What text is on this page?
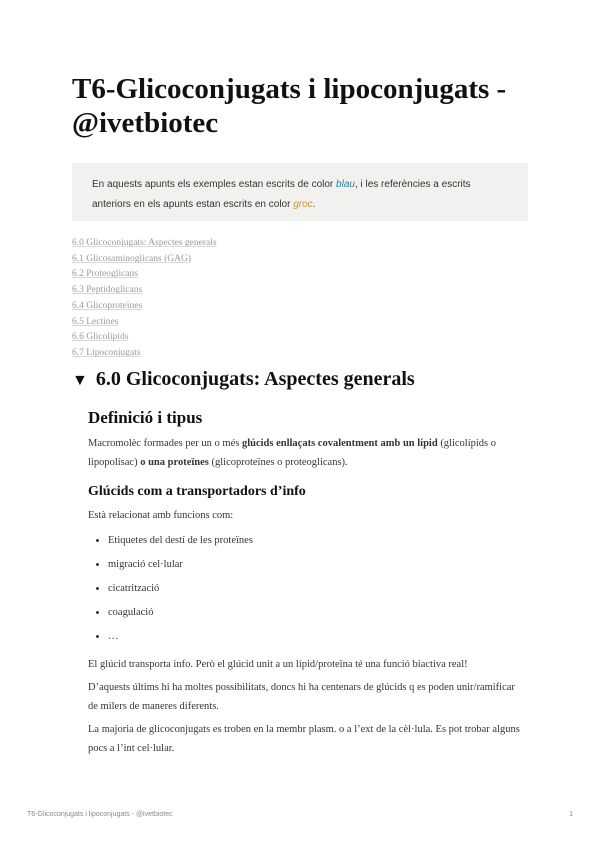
T6-Glicoconjugats i lipoconjugats - @ivetbiotec
En aquests apunts els exemples estan escrits de color blau, i les referències a escrits anteriors en els apunts estan escrits en color groc.
6.0 Glicoconjugats: Aspectes generals
6.1 Glicosaminoglicans (GAG)
6.2 Proteoglicans
6.3 Peptidoglicans
6.4 Glicoproteïnes
6.5 Lectines
6.6 Glicolípids
6.7 Lipoconjugats
▼ 6.0 Glicoconjugats: Aspectes generals
Definició i tipus

Macromolèc formades per un o més glúcids enllaçats covalentment amb un lípid (glicolípids o lipopolisac) o una proteïnes (glicoproteïnes o proteoglicans).

Glúcids com a transportadors d’info

Està relacionat amb funcions com:

• Etiquetes del destí de les proteïnes
• migració cel·lular
• cicatrització
• coagulació
• …

El glúcid transporta info. Però el glúcid unit a un lípid/proteïna té una funció biactiva real!

D’aquests últims hi ha moltes possibilitats, doncs hi ha centenars de glúcids q es poden unir/ramificar de milers de maneres diferents.

La majoria de glicoconjugats es troben en la membr plasm. o a l’ext de la cèl·lula. Es pot trobar alguns pocs a l’int cel·lular.

T6-Glicoconjugats i lipoconjugats - @ivetbiotec	1
